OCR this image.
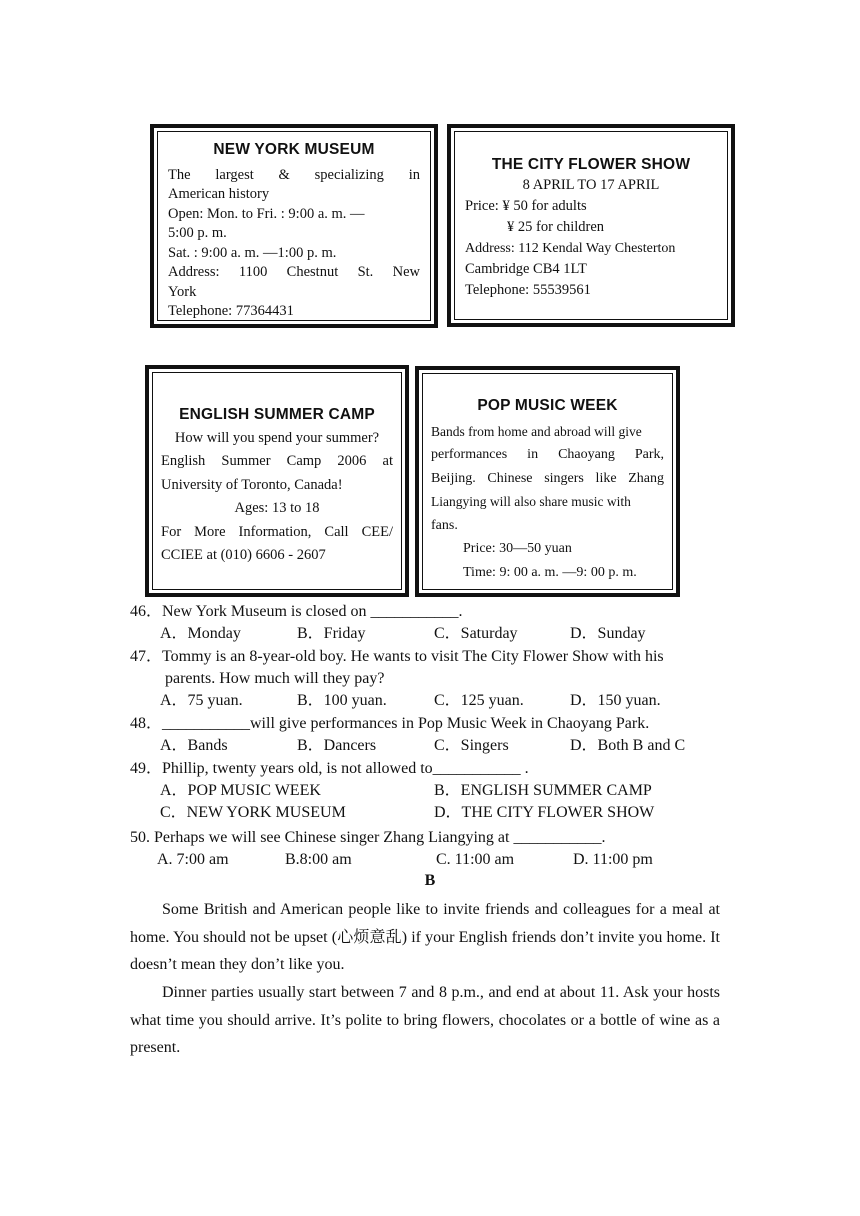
NEW YORK MUSEUM
The largest & specializing in
American history
Open: Mon. to Fri. : 9:00 a. m. —
5:00 p. m.
Sat. : 9:00 a. m. —1:00 p. m.
Address: 1100 Chestnut St. New
York
Telephone: 77364431
THE CITY FLOWER SHOW
8 APRIL TO 17 APRIL
Price: ¥ 50 for adults
¥ 25 for children
Address: 112 Kendal Way Chesterton
Cambridge CB4 1LT
Telephone: 55539561
ENGLISH SUMMER CAMP
How will you spend your summer?
English Summer Camp 2006 at
University of Toronto, Canada!
Ages: 13 to 18
For More Information, Call CEE/
CCIEE at (010) 6606 - 2607
POP MUSIC WEEK
Bands from home and abroad will give
performances in Chaoyang Park,
Beijing. Chinese singers like Zhang
Liangying will also share music with
fans.
Price: 30—50 yuan
Time: 9: 00 a. m. —9: 00 p. m.
46．New York Museum is closed on ___________.
A．Monday	B．Friday	C．Saturday	D．Sunday
47．Tommy is an 8-year-old boy. He wants to visit The City Flower Show with his
parents. How much will they pay?
A．75 yuan.	B．100 yuan.	C．125 yuan.	D．150 yuan.
48．___________will give performances in Pop Music Week in Chaoyang Park.
A．Bands	B．Dancers	C．Singers	D．Both B and C
49．Phillip, twenty years old, is not allowed to___________ .
A．POP MUSIC WEEK	B．ENGLISH SUMMER CAMP
C．NEW YORK MUSEUM	D．THE CITY FLOWER SHOW
50. Perhaps we will see Chinese singer Zhang Liangying at ___________.
A. 7:00 am	B.8:00 am	C. 11:00 am	D. 11:00 pm
B
Some British and American people like to invite friends and colleagues for a meal at home. You should not be upset (心烦意乱) if your English friends don’t invite you home. It doesn’t mean they don’t like you.
Dinner parties usually start between 7 and 8 p.m., and end at about 11. Ask your hosts what time you should arrive. It’s polite to bring flowers, chocolates or a bottle of wine as a present.
